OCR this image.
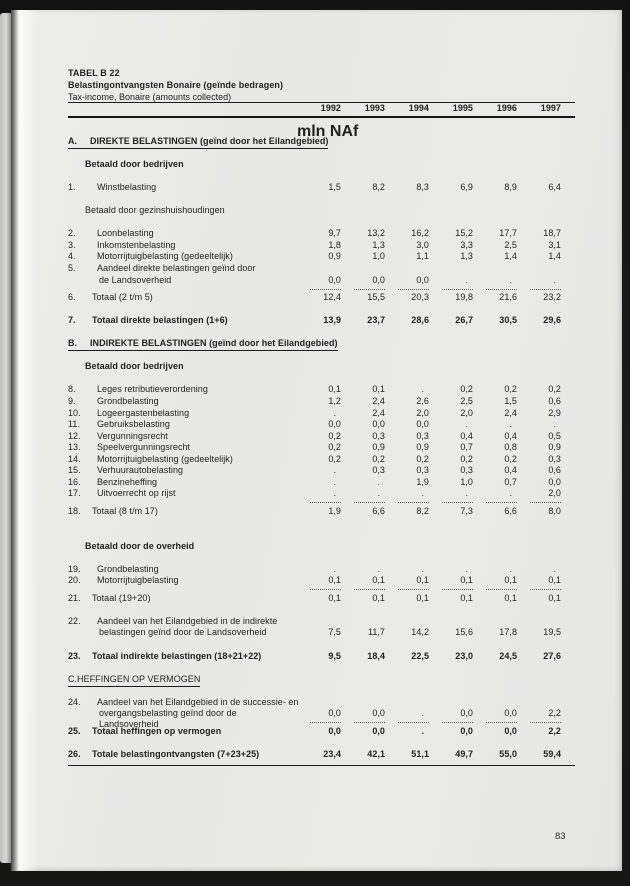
TABEL B 22
Belastingontvangsten Bonaire (geïnde bedragen)
Tax-income, Bonaire (amounts collected)
1992	1993	1994	1995	1996	1997
mln NAf
A.	DIREKTE BELASTINGEN (geïnd door het Eilandgebied)
Betaald door bedrijven
1.	Winstbelasting	1,5	8,2	8,3	6,9	8,9	6,4
Betaald door gezinshuishoudingen
2.	Loonbelasting	9,7	13,2	16,2	15,2	17,7	18,7
3.	Inkomstenbelasting	1,8	1,3	3,0	3,3	2,5	3,1
4.	Motorrijtuigbelasting (gedeeltelijk)	0,9	1,0	1,1	1,3	1,4	1,4
5.	Aandeel direkte belastingen geïnd door
de Landsoverheid	0,0	0,0	0,0	.	.	.
6.	Totaal (2 t/m 5)	12,4	15,5	20,3	19,8	21,6	23,2
7.	Totaal direkte belastingen (1+6)	13,9	23,7	28,6	26,7	30,5	29,6
B.	INDIREKTE BELASTINGEN (geïnd door het Eilandgebied)
Betaald door bedrijven
8.	Leges retributieverordening	0,1	0,1	.	0,2	0,2	0,2
9.	Grondbelasting	1,2	2,4	2,6	2,5	1,5	0,6
10.	Logeergastenbelasting	.	2,4	2,0	2,0	2,4	2,9
11.	Gebruiksbelasting	0,0	0,0	0,0	.	.	.
12.	Vergunningsrecht	0,2	0,3	0,3	0,4	0,4	0,5
13.	Speelvergunningsrecht	0,2	0,9	0,9	0,7	0,8	0,9
14.	Motorrijtuigbelasting (gedeeltelijk)	0,2	0,2	0,2	0,2	0,2	0,3
15.	Verhuurautobelasting	.	0,3	0,3	0,3	0,4	0,6
16.	Benzineheffing	.	.	1,9	1,0	0,7	0,0
17.	Uitvoerrecht op rijst	.	.	.	.	.	2,0
18.	Totaal (8 t/m 17)	1,9	6,6	8,2	7,3	6,6	8,0
Betaald door de overheid
19.	Grondbelasting	.	.	.	.	.	.
20.	Motorrijtuigbelasting	0,1	0,1	0,1	0,1	0,1	0,1
21.	Totaal (19+20)	0,1	0,1	0,1	0,1	0,1	0,1
22.	Aandeel van het Eilandgebied in de indirekte
belastingen geïnd door de Landsoverheid	7,5	11,7	14,2	15,6	17,8	19,5
23.	Totaal indirekte belastingen (18+21+22)	9,5	18,4	22,5	23,0	24,5	27,6
C. HEFFINGEN OP VERMOGEN
24.	Aandeel van het Eilandgebied in de successie- en
overgangsbelasting geïnd door de Landsoverheid
0,0	0,0	.	0,0	0,0	2,2
25.	Totaal heffingen op vermogen	0,0	0,0	.	0,0	0,0	2,2
26.	Totale belastingontvangsten (7+23+25)	23,4	42,1	51,1	49,7	55,0	59,4
83
